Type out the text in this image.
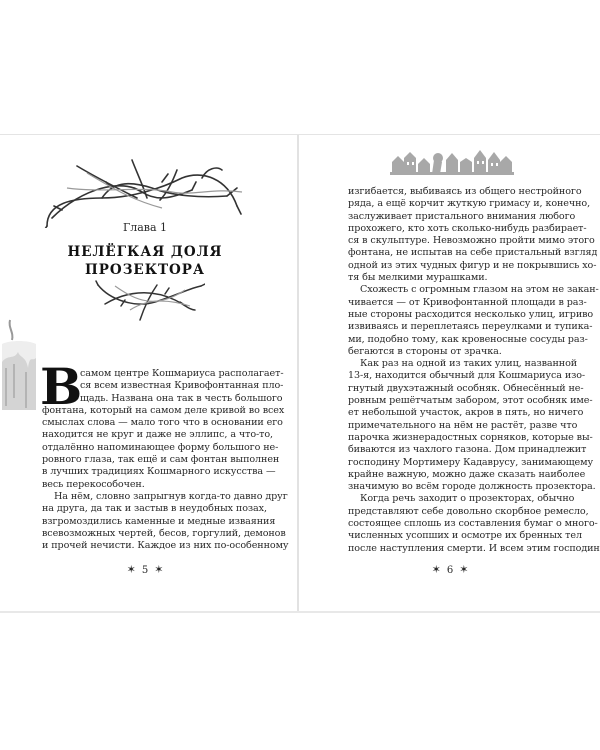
Глава 1
НЕЛЁГКАЯ ДОЛЯ
ПРОЗЕКТОРА
В
самом центре Кошмариуса располагает-
ся всем известная Кривофонтанная пло-
щадь. Названа она так в честь большого
фонтана, который на самом деле кривой во всех
смыслах слова — мало того что в основании его
находится не круг и даже не эллипс, а что-то,
отдалённо напоминающее форму большого не-
ровного глаза, так ещё и сам фонтан выполнен
в лучших традициях Кошмарного искусства —
весь перекособочен.
На нём, словно запрыгнув когда-то давно друг
на друга, да так и застыв в неудобных позах,
взгромоздились каменные и медные изваяния
всевозможных чертей, бесов, горгулий, демонов
и прочей нечисти. Каждое из них по-особенному
✶ 5 ✶
изгибается, выбиваясь из общего нестройного
ряда, а ещё корчит жуткую гримасу и, конечно,
заслуживает пристального внимания любого
прохожего, кто хоть сколько-нибудь разбирает-
ся в скульптуре. Невозможно пройти мимо этого
фонтана, не испытав на себе пристальный взгляд
одной из этих чудных фигур и не покрывшись хо-
тя бы мелкими мурашками.
Схожесть с огромным глазом на этом не закан-
чивается — от Кривофонтанной площади в раз-
ные стороны расходится несколько улиц, игриво
извиваясь и переплетаясь переулками и тупика-
ми, подобно тому, как кровеносные сосуды раз-
бегаются в стороны от зрачка.
Как раз на одной из таких улиц, названной
13-я, находится обычный для Кошмариуса изо-
гнутый двухэтажный особняк. Обнесённый не-
ровным решётчатым забором, этот особняк име-
ет небольшой участок, акров в пять, но ничего
примечательного на нём не растёт, разве что
парочка жизнерадостных сорняков, которые вы-
биваются из чахлого газона. Дом принадлежит
господину Мортимеру Кадаврусу, занимающему
крайне важную, можно даже сказать наиболее
значимую во всём городе должность прозектора.
Когда речь заходит о прозекторах, обычно
представляют себе довольно скорбное ремесло,
состоящее сплошь из составления бумаг о много-
численных усопших и осмотре их бренных тел
после наступления смерти. И всем этим господин
✶ 6 ✶
